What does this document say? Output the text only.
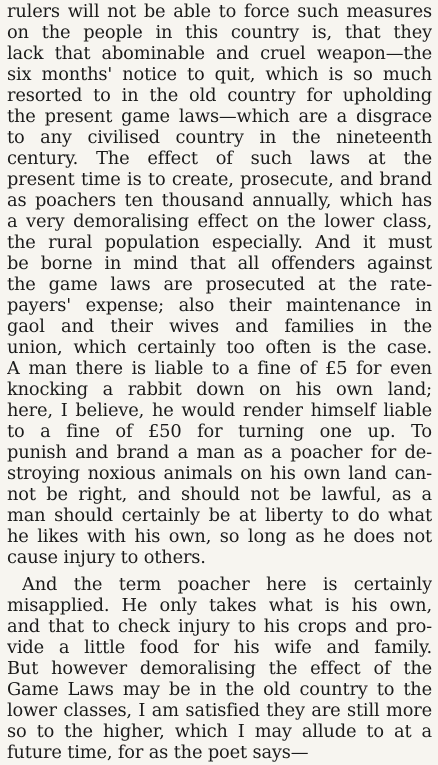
rulers will not be able to force such measures
on the people in this country is, that they
lack that abominable and cruel weapon—the
six months' notice to quit, which is so much
resorted to in the old country for upholding
the present game laws—which are a disgrace
to any civilised country in the nineteenth
century. The effect of such laws at the
present time is to create, prosecute, and brand
as poachers ten thousand annually, which has
a very demoralising effect on the lower class,
the rural population especially. And it must
be borne in mind that all offenders against
the game laws are prosecuted at the rate-
payers' expense; also their maintenance in
gaol and their wives and families in the
union, which certainly too often is the case.
A man there is liable to a fine of £5 for even
knocking a rabbit down on his own land;
here, I believe, he would render himself liable
to a fine of £50 for turning one up. To
punish and brand a man as a poacher for de-
stroying noxious animals on his own land can-
not be right, and should not be lawful, as a
man should certainly be at liberty to do what
he likes with his own, so long as he does not
cause injury to others.
And the term poacher here is certainly
misapplied. He only takes what is his own,
and that to check injury to his crops and pro-
vide a little food for his wife and family.
But however demoralising the effect of the
Game Laws may be in the old country to the
lower classes, I am satisfied they are still more
so to the higher, which I may allude to at a
future time, for as the poet says—
